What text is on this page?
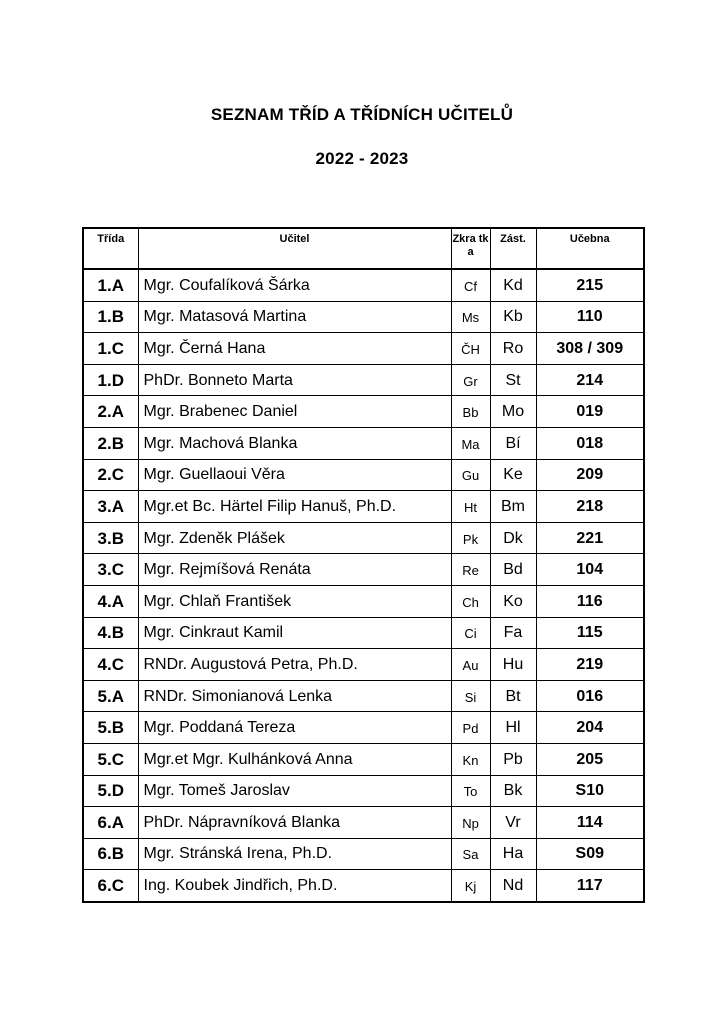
SEZNAM TŘÍD A TŘÍDNÍCH UČITELŮ
2022 - 2023
Třída	Učitel	Zkra tka	Zást.	Učebna
1.A	Mgr. Coufalíková Šárka	Cf	Kd	215
1.B	Mgr. Matasová Martina	Ms	Kb	110
1.C	Mgr. Černá Hana	ČH	Ro	308 / 309
1.D	PhDr. Bonneto Marta	Gr	St	214
2.A	Mgr. Brabenec Daniel	Bb	Mo	019
2.B	Mgr. Machová Blanka	Ma	Bí	018
2.C	Mgr. Guellaoui Věra	Gu	Ke	209
3.A	Mgr.et Bc. Härtel Filip Hanuš, Ph.D.	Ht	Bm	218
3.B	Mgr. Zdeněk Plášek	Pk	Dk	221
3.C	Mgr. Rejmíšová Renáta	Re	Bd	104
4.A	Mgr. Chlaň František	Ch	Ko	116
4.B	Mgr. Cinkraut Kamil	Ci	Fa	115
4.C	RNDr. Augustová Petra, Ph.D.	Au	Hu	219
5.A	RNDr. Simonianová Lenka	Si	Bt	016
5.B	Mgr. Poddaná Tereza	Pd	Hl	204
5.C	Mgr.et Mgr. Kulhánková Anna	Kn	Pb	205
5.D	Mgr. Tomeš Jaroslav	To	Bk	S10
6.A	PhDr. Nápravníková Blanka	Np	Vr	114
6.B	Mgr. Stránská Irena, Ph.D.	Sa	Ha	S09
6.C	Ing. Koubek Jindřich, Ph.D.	Kj	Nd	117
